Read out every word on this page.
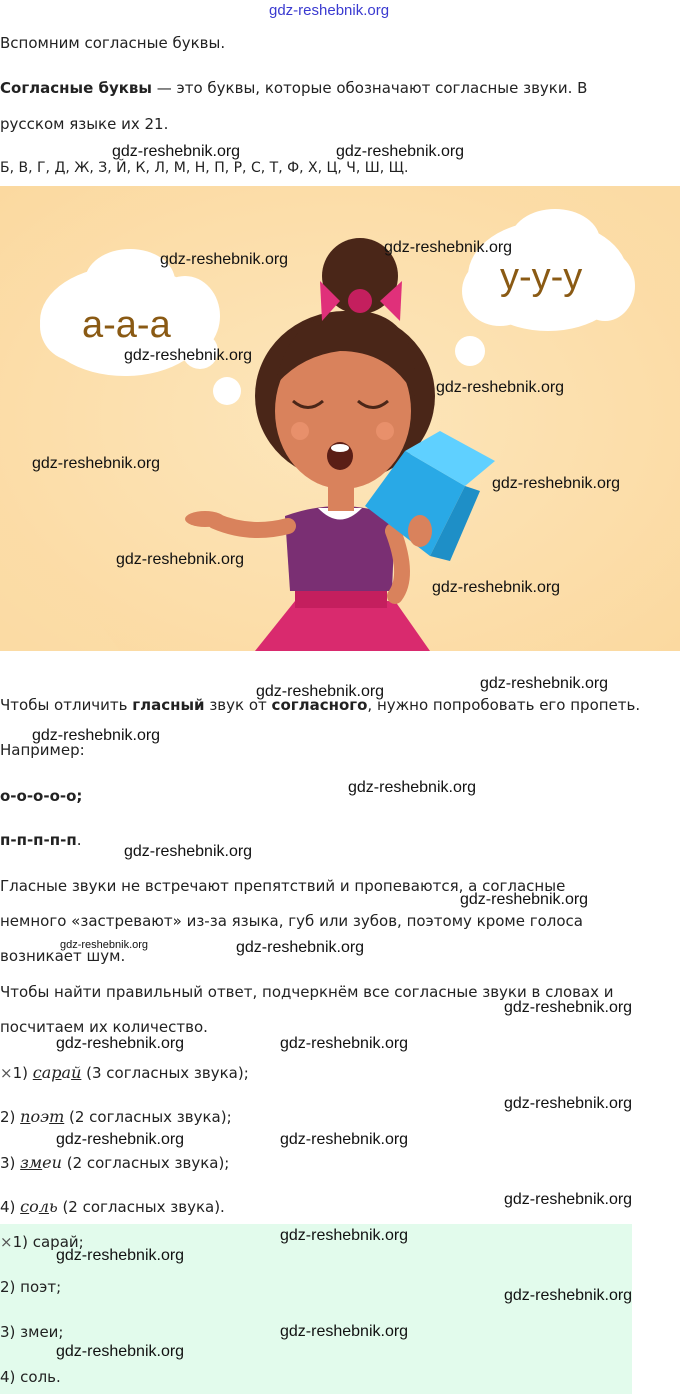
gdz-reshebnik.org
Вспомним согласные буквы.
Согласные буквы — это буквы, которые обозначают согласные звуки. В
русском языке их 21.
gdz-reshebnik.org	gdz-reshebnik.org
Б, В, Г, Д, Ж, З, Й, К, Л, М, Н, П, Р, С, Т, Ф, Х, Ц, Ч, Ш, Щ.
а-а-а
у-у-у
gdz-reshebnik.org
gdz-reshebnik.org
gdz-reshebnik.org
gdz-reshebnik.org
gdz-reshebnik.org
gdz-reshebnik.org
gdz-reshebnik.org
gdz-reshebnik.org
gdz-reshebnik.org	gdz-reshebnik.org
Чтобы отличить гласный звук от согласного, нужно попробовать его пропеть.
gdz-reshebnik.org
Например:
о-о-о-о-о;	gdz-reshebnik.org
п-п-п-п-п.
gdz-reshebnik.org
Гласные звуки не встречают препятствий и пропеваются, а согласные
gdz-reshebnik.org
немного «застревают» из-за языка, губ или зубов, поэтому кроме голоса
возникает шум.
gdz-reshebnik.org	gdz-reshebnik.org
Чтобы найти правильный ответ, подчеркнём все согласные звуки в словах и
gdz-reshebnik.org
посчитаем их количество.
gdz-reshebnik.org	gdz-reshebnik.org
×1) сарай (3 согласных звука);
gdz-reshebnik.org
2) поэт (2 согласных звука);
gdz-reshebnik.org	gdz-reshebnik.org
3) змеи (2 согласных звука);
gdz-reshebnik.org
4) соль (2 согласных звука).
×1) сарай;	gdz-reshebnik.org
gdz-reshebnik.org
2) поэт;	gdz-reshebnik.org
3) змеи;	gdz-reshebnik.org
gdz-reshebnik.org
4) соль.
